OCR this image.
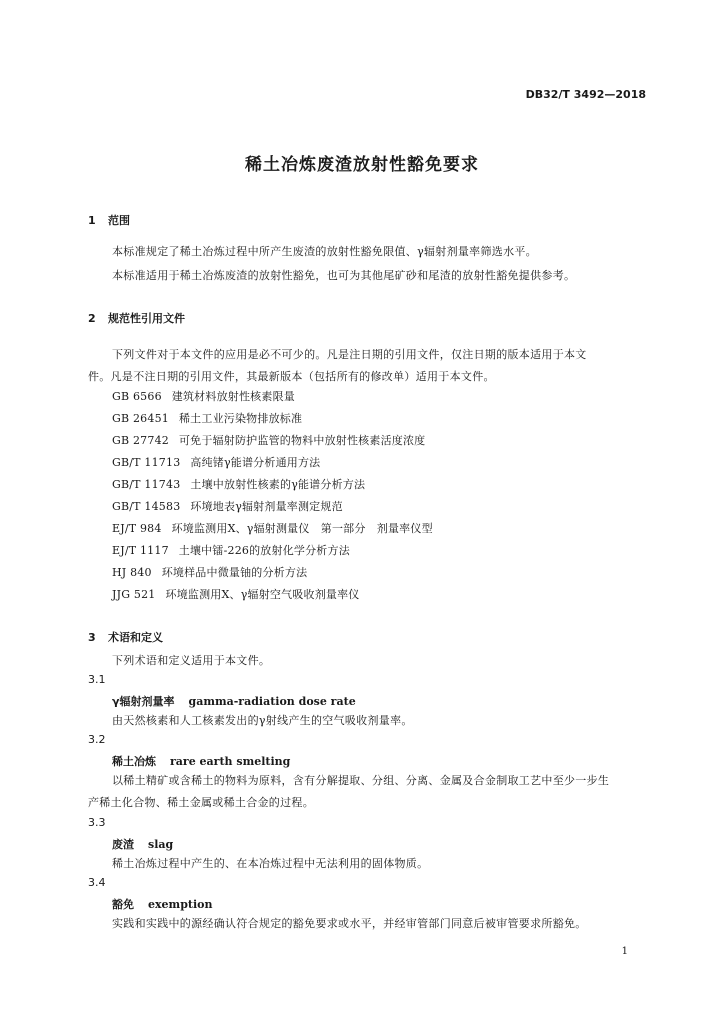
DB32/T 3492—2018
稀土冶炼废渣放射性豁免要求
1 范围
本标准规定了稀土冶炼过程中所产生废渣的放射性豁免限值、γ辐射剂量率筛选水平。
本标准适用于稀土冶炼废渣的放射性豁免，也可为其他尾矿砂和尾渣的放射性豁免提供参考。
2 规范性引用文件
下列文件对于本文件的应用是必不可少的。凡是注日期的引用文件，仅注日期的版本适用于本文
件。凡是不注日期的引用文件，其最新版本（包括所有的修改单）适用于本文件。
GB 6566 建筑材料放射性核素限量
GB 26451 稀土工业污染物排放标准
GB 27742 可免于辐射防护监管的物料中放射性核素活度浓度
GB/T 11713 高纯锗γ能谱分析通用方法
GB/T 11743 土壤中放射性核素的γ能谱分析方法
GB/T 14583 环境地表γ辐射剂量率测定规范
EJ/T 984 环境监测用X、γ辐射测量仪　第一部分　剂量率仪型
EJ/T 1117 土壤中镭-226的放射化学分析方法
HJ 840 环境样品中微量铀的分析方法
JJG 521 环境监测用X、γ辐射空气吸收剂量率仪
3 术语和定义
下列术语和定义适用于本文件。
3.1
γ辐射剂量率 gamma-radiation dose rate
由天然核素和人工核素发出的γ射线产生的空气吸收剂量率。
3.2
稀土冶炼 rare earth smelting
以稀土精矿或含稀土的物料为原料，含有分解提取、分组、分离、金属及合金制取工艺中至少一步生
产稀土化合物、稀土金属或稀土合金的过程。
3.3
废渣 slag
稀土冶炼过程中产生的、在本冶炼过程中无法利用的固体物质。
3.4
豁免 exemption
实践和实践中的源经确认符合规定的豁免要求或水平，并经审管部门同意后被审管要求所豁免。
1
